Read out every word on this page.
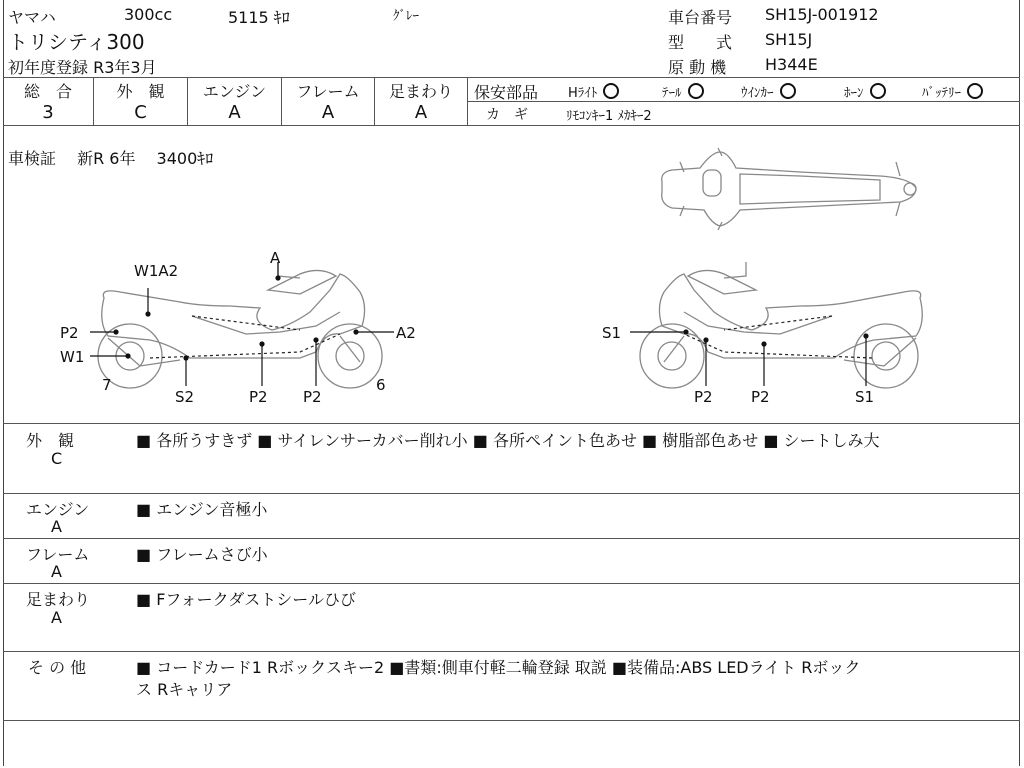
ヤマハ	300cc	5115 ｷﾛ	ｸﾞﾚｰ
トリシティ300
初年度登録 R3年3月
車台番号 SH15J-001912
型　　式 SH15J
原 動 機 H344E
総　合	外　観	エンジン	フレーム	足まわり
3	C	A	A	A
保安部品 Hﾗｲﾄ	ﾃｰﾙ	ｳｲﾝｶｰ	ﾎｰﾝ	ﾊﾞｯﾃﾘｰ
カ　ギ	ﾘﾓｺﾝｷｰ1 ﾒｶｷｰ2
車検証　 新R 6年　 3400ｷﾛ
W1A2
A
P2
W1
7
A2
6
S2	P2 P2
S1
P2	P2	S1
外　観
C
■ 各所うすきず ■ サイレンサーカバー削れ小 ■ 各所ペイント色あせ ■ 樹脂部色あせ ■ シートしみ大
エンジン
A
■ エンジン音極小
フレーム
A
■ フレームさび小
足まわり
A
■ Fフォークダストシールひび
そ の 他	■ コードカード1 Rボックスキー2 ■書類:側車付軽二輪登録 取説 ■装備品:ABS LEDライト Rボック
ス Rキャリア
